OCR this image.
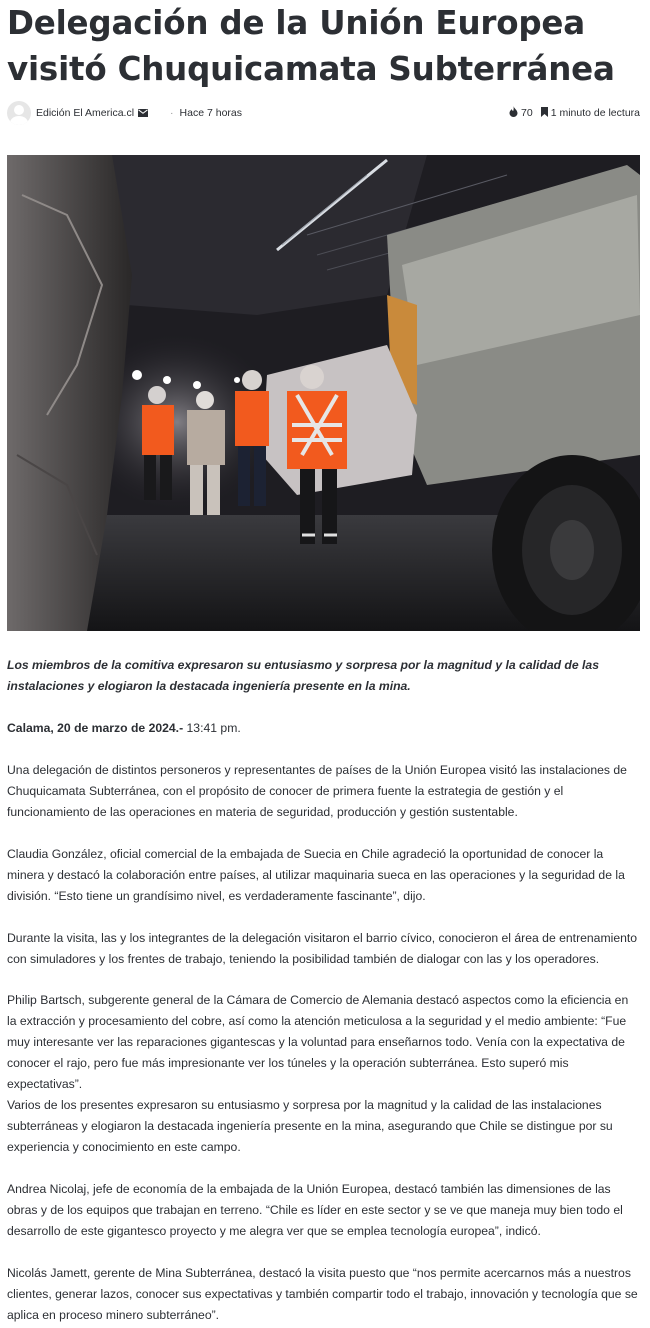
Delegación de la Unión Europea visitó Chuquicamata Subterránea
Edición El America.cl	· Hace 7 horas	70 1 minuto de lectura

Los miembros de la comitiva expresaron su entusiasmo y sorpresa por la magnitud y la calidad de las instalaciones y elogiaron la destacada ingeniería presente en la mina.

Calama, 20 de marzo de 2024.- 13:41 pm.

Una delegación de distintos personeros y representantes de países de la Unión Europea visitó las instalaciones de Chuquicamata Subterránea, con el propósito de conocer de primera fuente la estrategia de gestión y el funcionamiento de las operaciones en materia de seguridad, producción y gestión sustentable.

Claudia González, oficial comercial de la embajada de Suecia en Chile agradeció la oportunidad de conocer la minera y destacó la colaboración entre países, al utilizar maquinaria sueca en las operaciones y la seguridad de la división. “Esto tiene un grandísimo nivel, es verdaderamente fascinante”, dijo.

Durante la visita, las y los integrantes de la delegación visitaron el barrio cívico, conocieron el área de entrenamiento con simuladores y los frentes de trabajo, teniendo la posibilidad también de dialogar con las y los operadores.

Philip Bartsch, subgerente general de la Cámara de Comercio de Alemania destacó aspectos como la eficiencia en la extracción y procesamiento del cobre, así como la atención meticulosa a la seguridad y el medio ambiente: “Fue muy interesante ver las reparaciones gigantescas y la voluntad para enseñarnos todo. Venía con la expectativa de conocer el rajo, pero fue más impresionante ver los túneles y la operación subterránea. Esto superó mis expectativas”.

Varios de los presentes expresaron su entusiasmo y sorpresa por la magnitud y la calidad de las instalaciones subterráneas y elogiaron la destacada ingeniería presente en la mina, asegurando que Chile se distingue por su experiencia y conocimiento en este campo.

Andrea Nicolaj, jefe de economía de la embajada de la Unión Europea, destacó también las dimensiones de las obras y de los equipos que trabajan en terreno. “Chile es líder en este sector y se ve que maneja muy bien todo el desarrollo de este gigantesco proyecto y me alegra ver que se emplea tecnología europea”, indicó.

Nicolás Jamett, gerente de Mina Subterránea, destacó la visita puesto que “nos permite acercarnos más a nuestros clientes, generar lazos, conocer sus expectativas y también compartir todo el trabajo, innovación y tecnología que se aplica en proceso minero subterráneo”.
